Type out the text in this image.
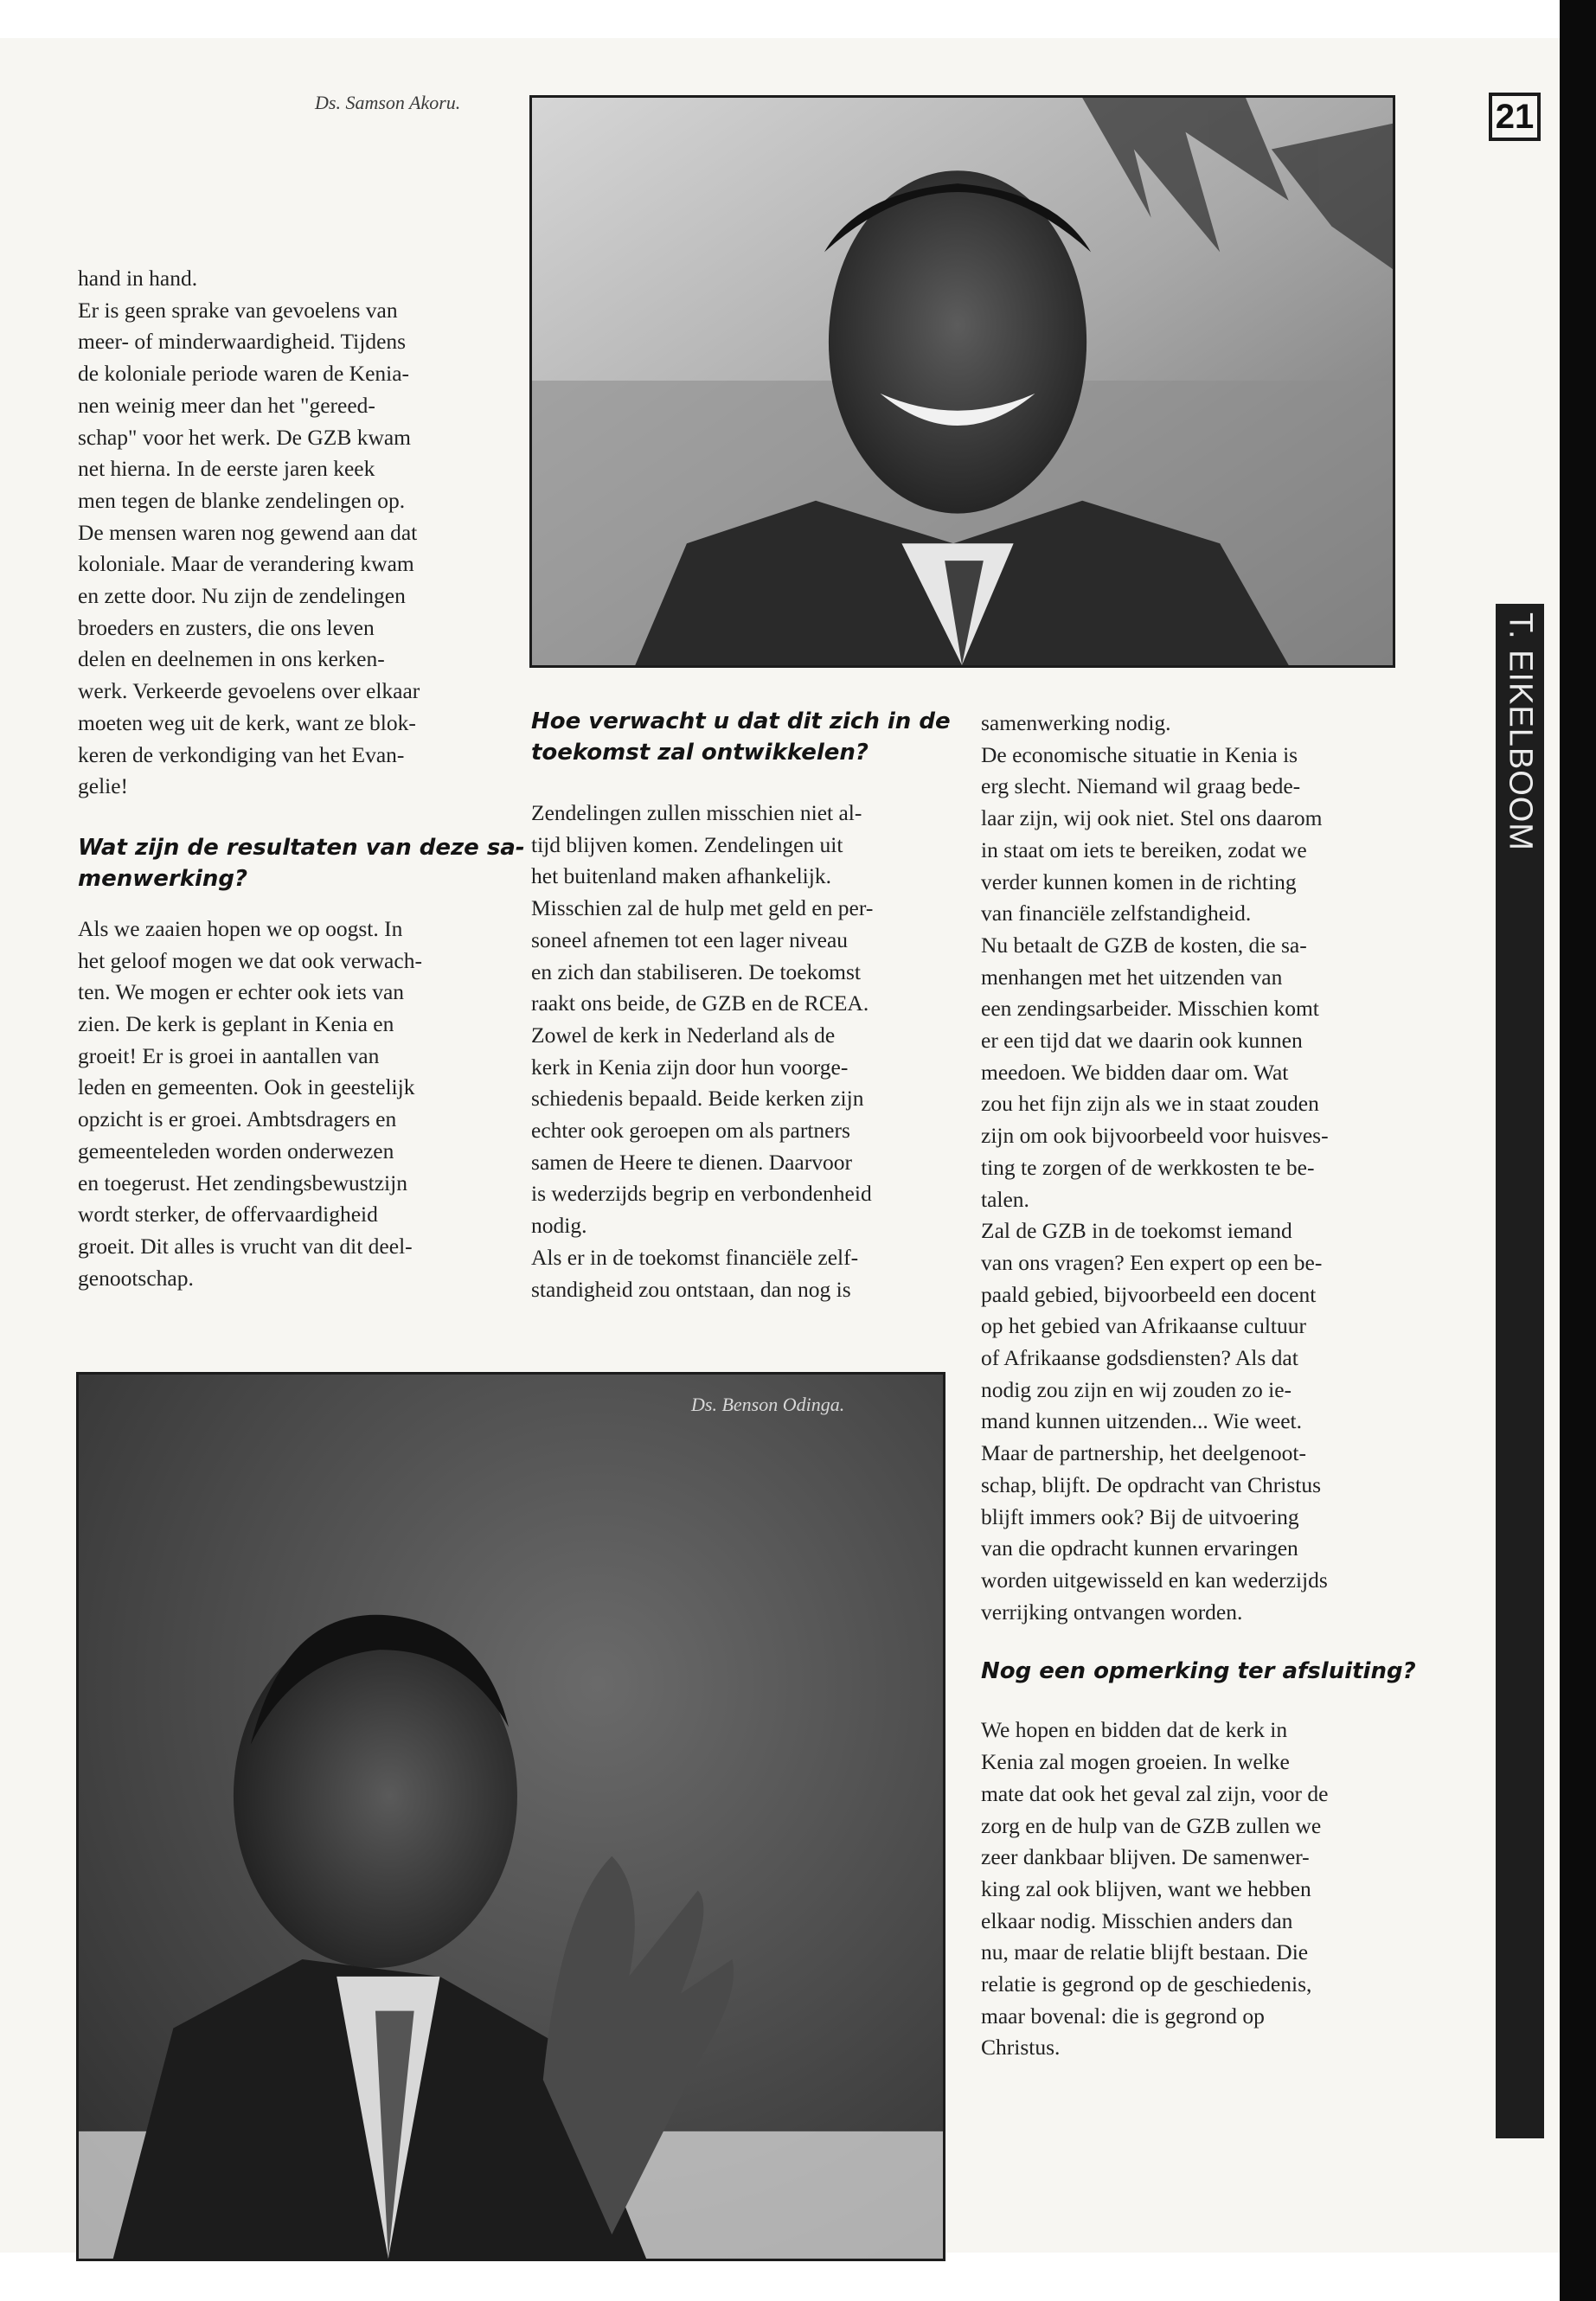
Ds. Samson Akoru.	21
T. EIKELBOOM

hand in hand.

Er is geen sprake van gevoelens van

meer- of minderwaardigheid. Tijdens

de koloniale periode waren de Kenia-

nen weinig meer dan het "gereed-

schap" voor het werk. De GZB kwam

net hierna. In de eerste jaren keek

men tegen de blanke zendelingen op.

De mensen waren nog gewend aan dat

koloniale. Maar de verandering kwam

en zette door. Nu zijn de zendelingen

broeders en zusters, die ons leven

delen en deelnemen in ons kerken-

werk. Verkeerde gevoelens over elkaar

moeten weg uit de kerk, want ze blok-

keren de verkondiging van het Evan-

gelie!

Wat zijn de resultaten van deze sa-

menwerking?

Als we zaaien hopen we op oogst. In

het geloof mogen we dat ook verwach-

ten. We mogen er echter ook iets van

zien. De kerk is geplant in Kenia en

groeit! Er is groei in aantallen van

leden en gemeenten. Ook in geestelijk

opzicht is er groei. Ambtsdragers en

gemeenteleden worden onderwezen

en toegerust. Het zendingsbewustzijn

wordt sterker, de offervaardigheid

groeit. Dit alles is vrucht van dit deel-

genootschap.

Hoe verwacht u dat dit zich in de

toekomst zal ontwikkelen?

Zendelingen zullen misschien niet al-

tijd blijven komen. Zendelingen uit

het buitenland maken afhankelijk.

Misschien zal de hulp met geld en per-

soneel afnemen tot een lager niveau

en zich dan stabiliseren. De toekomst

raakt ons beide, de GZB en de RCEA.

Zowel de kerk in Nederland als de

kerk in Kenia zijn door hun voorge-

schiedenis bepaald. Beide kerken zijn

echter ook geroepen om als partners

samen de Heere te dienen. Daarvoor

is wederzijds begrip en verbondenheid

nodig.

Als er in de toekomst financiële zelf-

standigheid zou ontstaan, dan nog is

samenwerking nodig.

De economische situatie in Kenia is

erg slecht. Niemand wil graag bede-

laar zijn, wij ook niet. Stel ons daarom

in staat om iets te bereiken, zodat we

verder kunnen komen in de richting

van financiële zelfstandigheid.

Nu betaalt de GZB de kosten, die sa-

menhangen met het uitzenden van

een zendingsarbeider. Misschien komt

er een tijd dat we daarin ook kunnen

meedoen. We bidden daar om. Wat

zou het fijn zijn als we in staat zouden

zijn om ook bijvoorbeeld voor huisves-

ting te zorgen of de werkkosten te be-

talen.

Zal de GZB in de toekomst iemand

van ons vragen? Een expert op een be-

paald gebied, bijvoorbeeld een docent

op het gebied van Afrikaanse cultuur

of Afrikaanse godsdiensten? Als dat

nodig zou zijn en wij zouden zo ie-

mand kunnen uitzenden... Wie weet.

Maar de partnership, het deelgenoot-

schap, blijft. De opdracht van Christus

blijft immers ook? Bij de uitvoering

van die opdracht kunnen ervaringen

worden uitgewisseld en kan wederzijds

verrijking ontvangen worden.

Nog een opmerking ter afsluiting?

We hopen en bidden dat de kerk in

Kenia zal mogen groeien. In welke

mate dat ook het geval zal zijn, voor de

zorg en de hulp van de GZB zullen we

zeer dankbaar blijven. De samenwer-

king zal ook blijven, want we hebben

elkaar nodig. Misschien anders dan

nu, maar de relatie blijft bestaan. Die

relatie is gegrond op de geschiedenis,

maar bovenal: die is gegrond op

Christus.

Ds. Benson Odinga.
